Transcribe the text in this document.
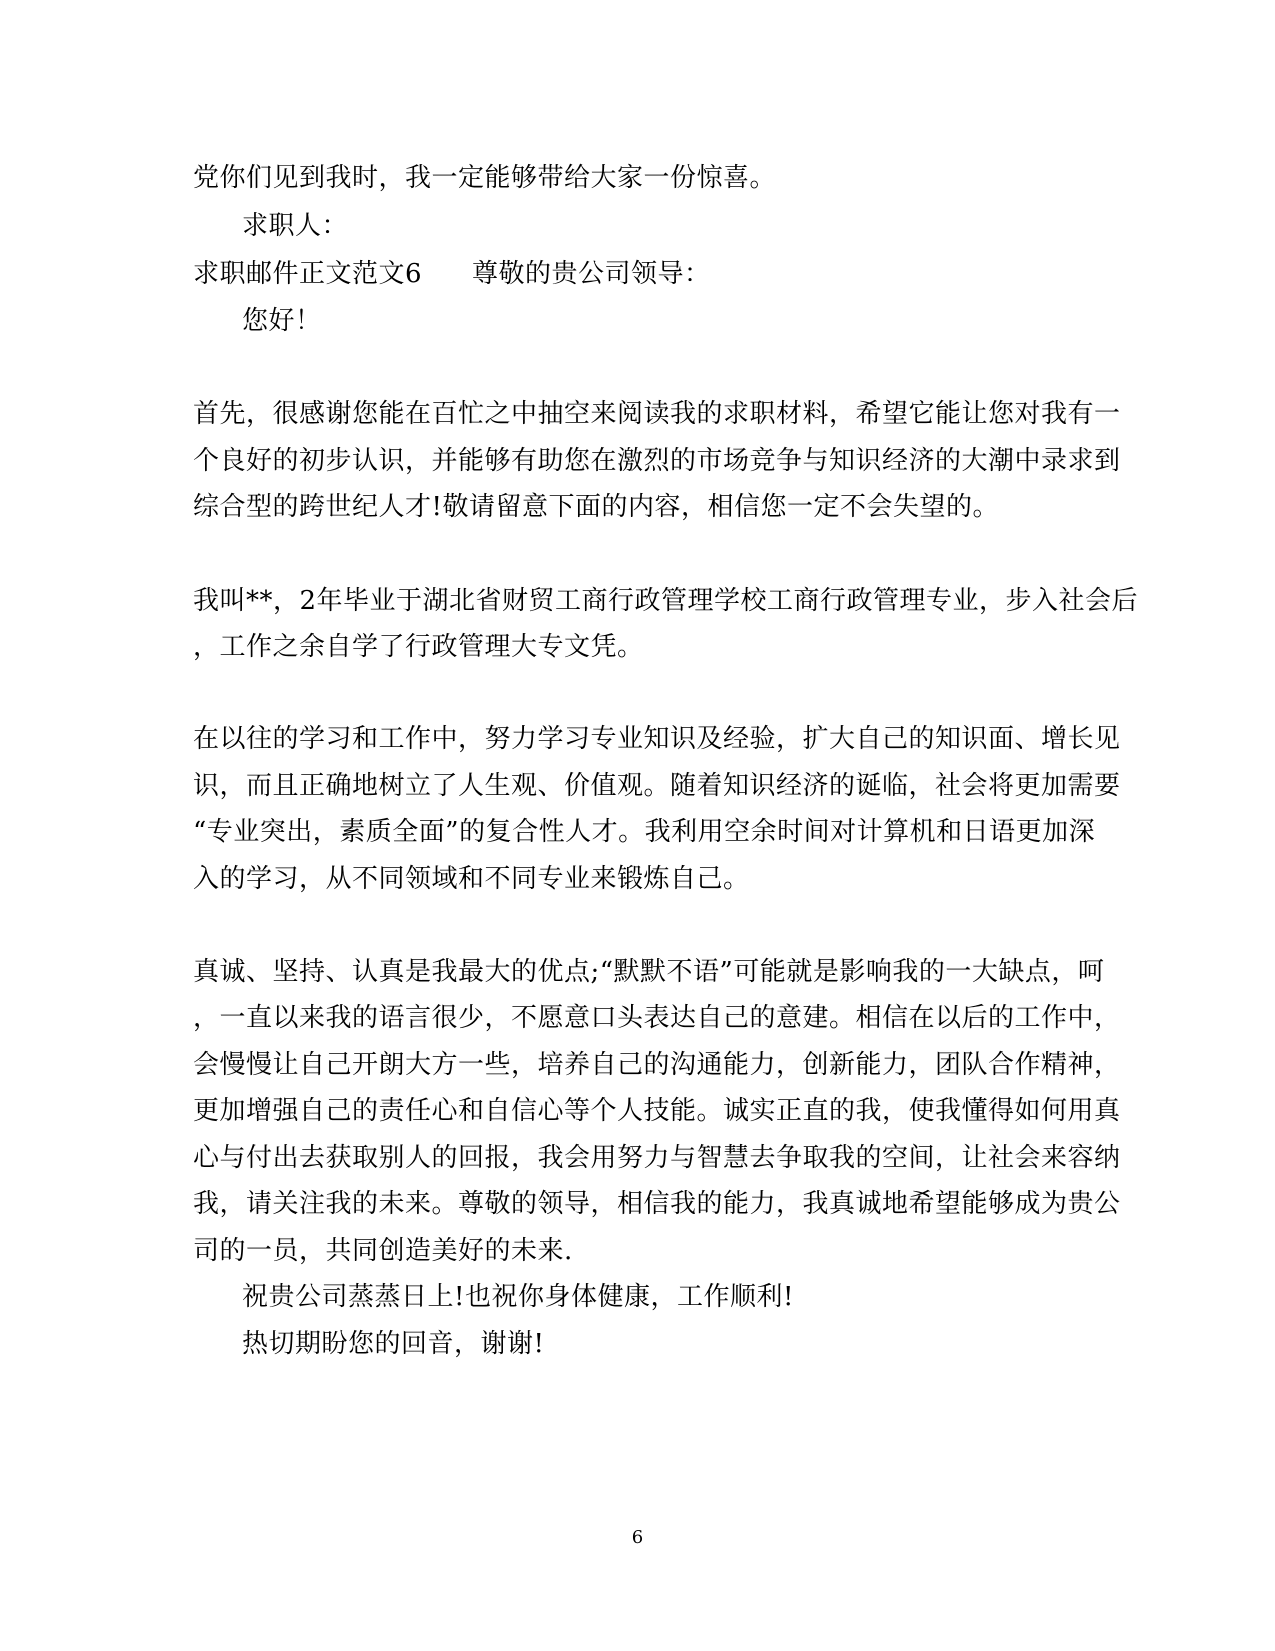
党你们见到我时，我一定能够带给大家一份惊喜。
求职人：
求职邮件正文范文6 尊敬的贵公司领导：
您好！
首先，很感谢您能在百忙之中抽空来阅读我的求职材料，希望它能让您对我有一
个良好的初步认识，并能够有助您在激烈的市场竞争与知识经济的大潮中录求到
综合型的跨世纪人才!敬请留意下面的内容，相信您一定不会失望的。
我叫**，2年毕业于湖北省财贸工商行政管理学校工商行政管理专业，步入社会后
，工作之余自学了行政管理大专文凭。
在以往的学习和工作中，努力学习专业知识及经验，扩大自己的知识面、增长见
识，而且正确地树立了人生观、价值观。随着知识经济的诞临，社会将更加需要
“专业突出，素质全面”的复合性人才。我利用空余时间对计算机和日语更加深
入的学习，从不同领域和不同专业来锻炼自己。
真诚、坚持、认真是我最大的优点;“默默不语”可能就是影响我的一大缺点，呵
，一直以来我的语言很少，不愿意口头表达自己的意建。相信在以后的工作中，
会慢慢让自己开朗大方一些，培养自己的沟通能力，创新能力，团队合作精神，
更加增强自己的责任心和自信心等个人技能。诚实正直的我，使我懂得如何用真
心与付出去获取别人的回报，我会用努力与智慧去争取我的空间，让社会来容纳
我，请关注我的未来。尊敬的领导，相信我的能力，我真诚地希望能够成为贵公
司的一员，共同创造美好的未来.
祝贵公司蒸蒸日上!也祝你身体健康，工作顺利!
热切期盼您的回音，谢谢!
6
